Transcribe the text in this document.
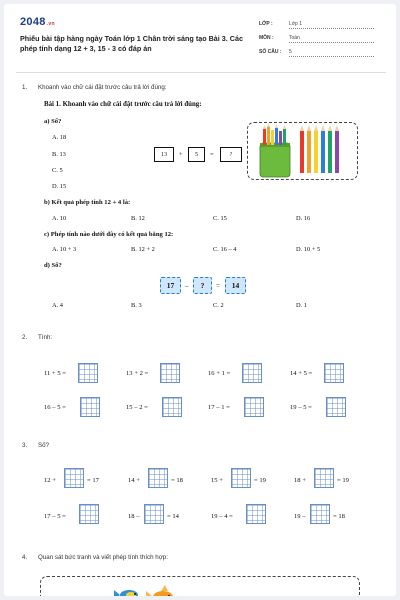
2048.vn
Phiếu bài tập hàng ngày Toán lớp 1 Chân trời sáng tạo Bài 3. Các phép tính dạng 12 + 3, 15 - 3 có đáp án
LỚP :	Lớp 1
MÔN :	Toán
SỐ CÂU :	5
1. Khoanh vào chữ cái đặt trước câu trả lời đúng:
Bài 1. Khoanh vào chữ cái đặt trước câu trả lời đúng:
a) Số?
A. 18
B. 13
C. 5
D. 15
13	+	5	=	?
b) Kết quả phép tính 12 + 4 là:
A. 10	B. 12	C. 15	D. 16
c) Phép tính nào dưới đây có kết quả bằng 12:
A. 10 + 3	B. 12 + 2	C. 16 – 4	D. 10 + 5
d) Số?
17	–	?	=	14
A. 4	B. 3	C. 2	D. 1
2. Tính:
11 + 5 =	13 + 2 =	16 + 1 =	14 + 5 =
16 – 5 =	15 – 2 =	17 – 1 =	19 – 5 =
3. Số?
12 +	= 17	14 +	= 18	15 +	= 19	18 +	= 19
17 – 5 =	18 –	= 14	19 – 4 =	19 –	= 18
4. Quan sát bức tranh và viết phép tính thích hợp:
